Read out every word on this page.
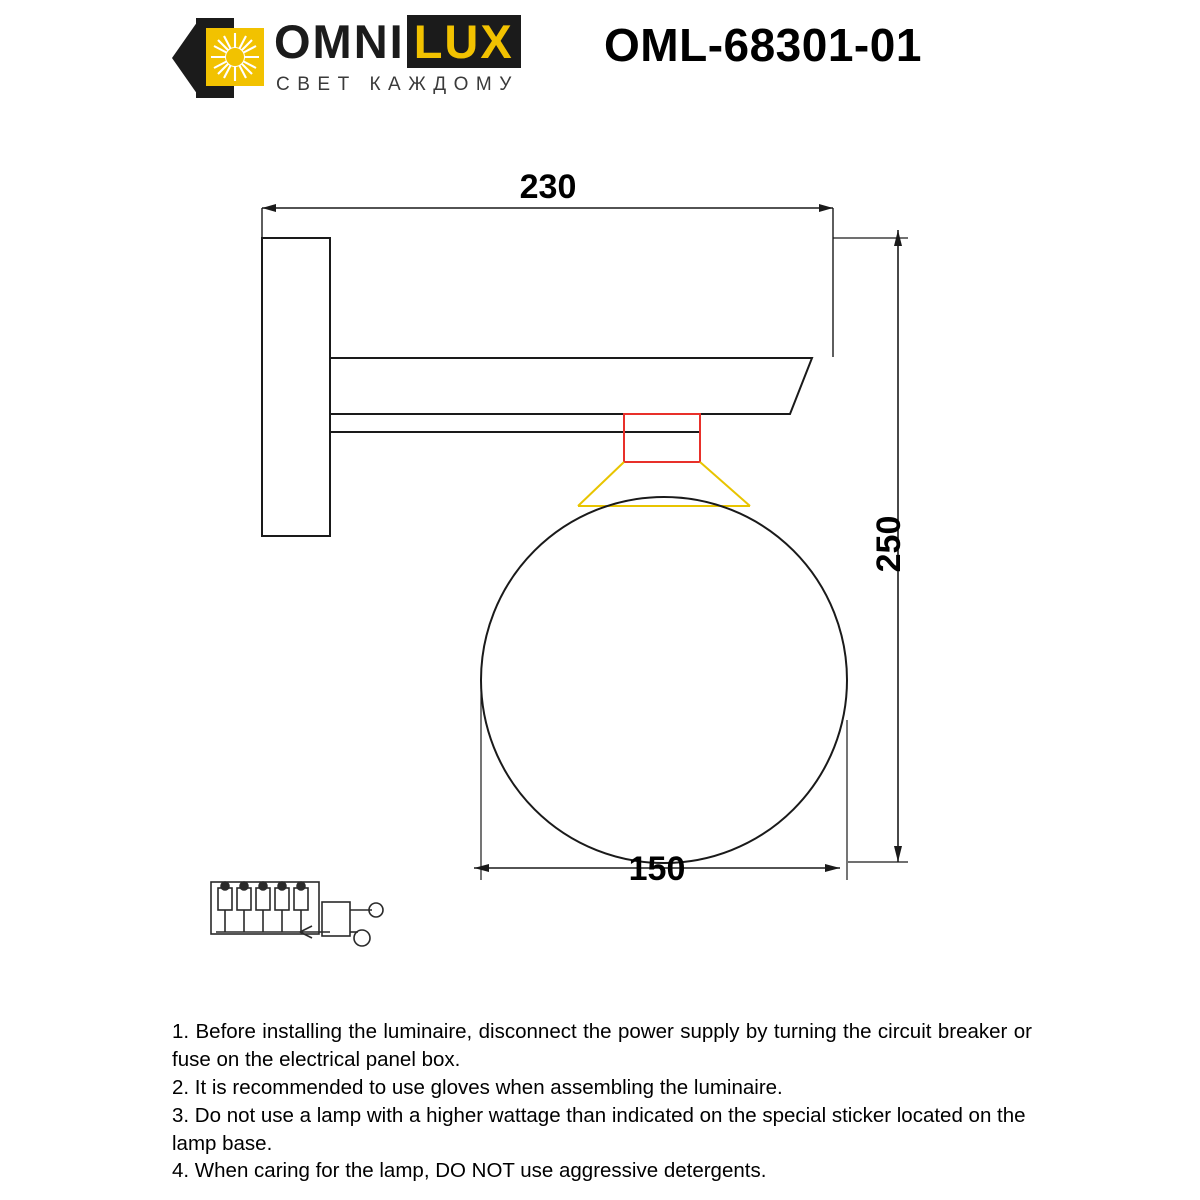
OMNI LUX
СВЕТ КАЖДОМУ
OML-68301-01
230
250
150

1. Before installing the luminaire, disconnect the power supply by turning the circuit breaker or fuse on the electrical panel box.

2. It is recommended to use gloves when assembling the luminaire.

3. Do not use a lamp with a higher wattage than indicated on the special sticker located on the lamp base.

4. When caring for the lamp, DO NOT use aggressive detergents.
